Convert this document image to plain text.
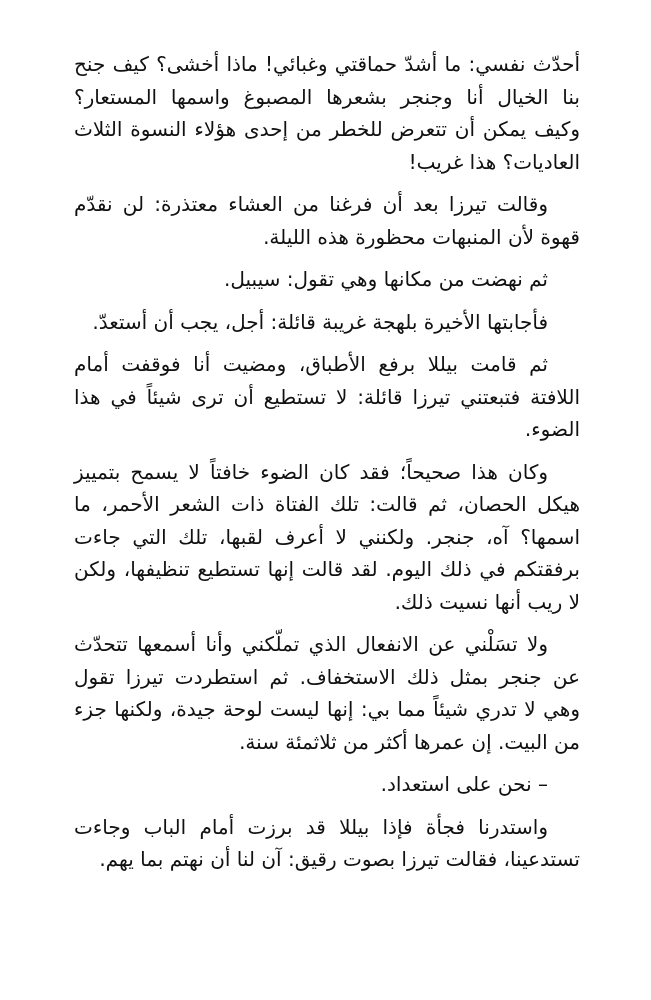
أحدّث نفسي: ما أشدّ حماقتي وغبائي! ماذا أخشى؟ كيف جنح بنا الخيال أنا وجنجر بشعرها المصبوغ واسمها المستعار؟ وكيف يمكن أن تتعرض للخطر من إحدى هؤلاء النسوة الثلاث العاديات؟ هذا غريب!

وقالت تيرزا بعد أن فرغنا من العشاء معتذرة: لن نقدّم قهوة لأن المنبهات محظورة هذه الليلة.

ثم نهضت من مكانها وهي تقول: سيبيل.

فأجابتها الأخيرة بلهجة غريبة قائلة: أجل، يجب أن أستعدّ.

ثم قامت بيللا برفع الأطباق، ومضيت أنا فوقفت أمام اللافتة فتبعتني تيرزا قائلة: لا تستطيع أن ترى شيئاً في هذا الضوء.

وكان هذا صحيحاً؛ فقد كان الضوء خافتاً لا يسمح بتمييز هيكل الحصان، ثم قالت: تلك الفتاة ذات الشعر الأحمر، ما اسمها؟ آه، جنجر. ولكنني لا أعرف لقبها، تلك التي جاءت برفقتكم في ذلك اليوم. لقد قالت إنها تستطيع تنظيفها، ولكن لا ريب أنها نسيت ذلك.

ولا تسَلْني عن الانفعال الذي تملّكني وأنا أسمعها تتحدّث عن جنجر بمثل ذلك الاستخفاف. ثم استطردت تيرزا تقول وهي لا تدري شيئاً مما بي: إنها ليست لوحة جيدة، ولكنها جزء من البيت. إن عمرها أكثر من ثلاثمئة سنة.

– نحن على استعداد.

واستدرنا فجأة فإذا بيللا قد برزت أمام الباب وجاءت تستدعينا، فقالت تيرزا بصوت رقيق: آن لنا أن نهتم بما يهم.
